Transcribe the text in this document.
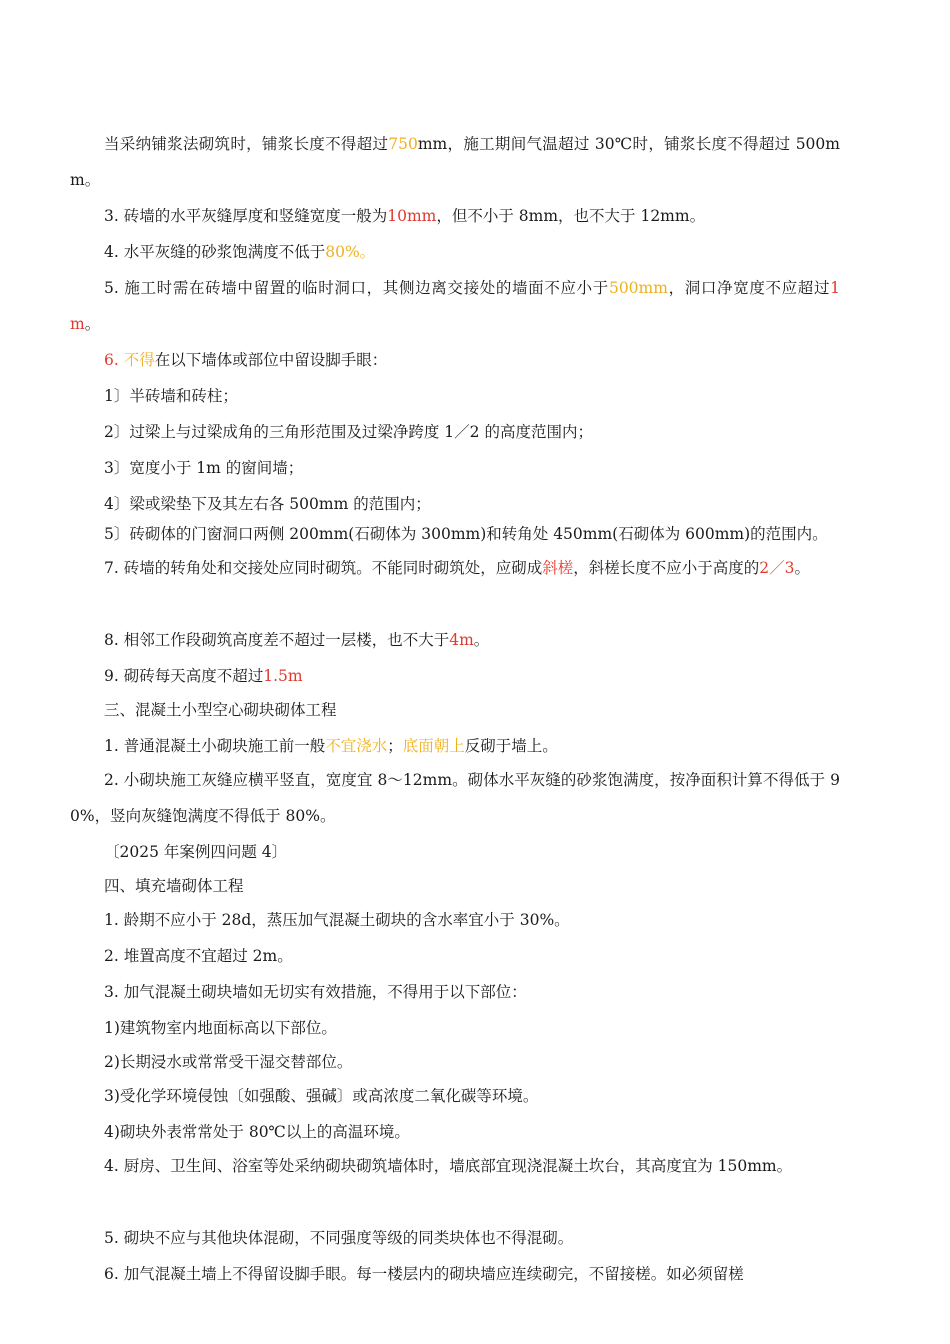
当采纳铺浆法砌筑时，铺浆长度不得超过750mm，施工期间气温超过 30℃时，铺浆长度不得超过 500mm。

3. 砖墙的水平灰缝厚度和竖缝宽度一般为10mm，但不小于 8mm，也不大于 12mm。

4. 水平灰缝的砂浆饱满度不低于80%。

5. 施工时需在砖墙中留置的临时洞口，其侧边离交接处的墙面不应小于500mm，洞口净宽度不应超过1m。

6. 不得在以下墙体或部位中留设脚手眼：

1〕半砖墙和砖柱；

2〕过梁上与过梁成角的三角形范围及过梁净跨度 1／2 的高度范围内；

3〕宽度小于 1m 的窗间墙；

4〕梁或梁垫下及其左右各 500mm 的范围内；

5〕砖砌体的门窗洞口两侧 200mm(石砌体为 300mm)和转角处 450mm(石砌体为 600mm)的范围内。

7. 砖墙的转角处和交接处应同时砌筑。不能同时砌筑处，应砌成斜槎，斜槎长度不应小于高度的2／3。

8. 相邻工作段砌筑高度差不超过一层楼，也不大于4m。

9. 砌砖每天高度不超过1.5m

三、混凝土小型空心砌块砌体工程

1. 普通混凝土小砌块施工前一般不宜浇水；底面朝上反砌于墙上。

2. 小砌块施工灰缝应横平竖直，宽度宜 8～12mm。砌体水平灰缝的砂浆饱满度，按净面积计算不得低于 90%，竖向灰缝饱满度不得低于 80%。

〔2025 年案例四问题 4〕

四、填充墙砌体工程

1. 龄期不应小于 28d，蒸压加气混凝土砌块的含水率宜小于 30%。

2. 堆置高度不宜超过 2m。

3. 加气混凝土砌块墙如无切实有效措施，不得用于以下部位：

1)建筑物室内地面标高以下部位。

2)长期浸水或常常受干湿交替部位。

3)受化学环境侵蚀〔如强酸、强碱〕或高浓度二氧化碳等环境。

4)砌块外表常常处于 80℃以上的高温环境。

4. 厨房、卫生间、浴室等处采纳砌块砌筑墙体时，墙底部宜现浇混凝土坎台，其高度宜为 150mm。

5. 砌块不应与其他块体混砌，不同强度等级的同类块体也不得混砌。

6. 加气混凝土墙上不得留设脚手眼。每一楼层内的砌块墙应连续砌完，不留接槎。如必须留槎
